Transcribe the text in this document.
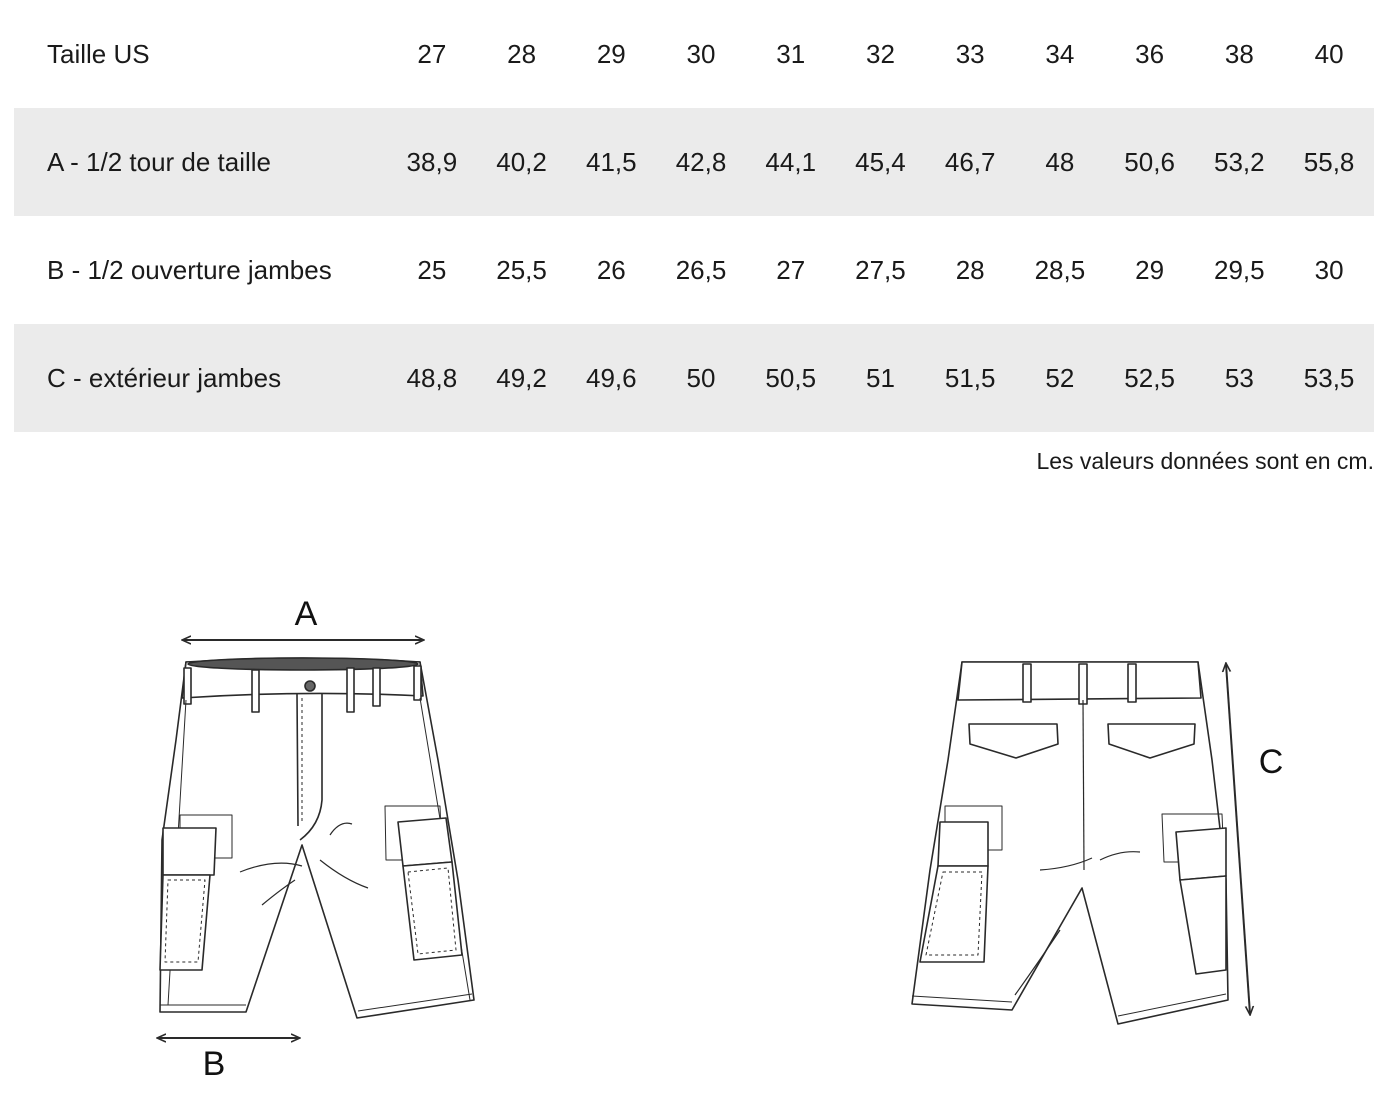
Taille US	27	28	29	30	31	32	33	34	36	38	40
A - 1/2 tour de taille	38,9	40,2	41,5	42,8	44,1	45,4	46,7	48	50,6	53,2	55,8
B - 1/2 ouverture jambes	25	25,5	26	26,5	27	27,5	28	28,5	29	29,5	30
C - extérieur jambes	48,8	49,2	49,6	50	50,5	51	51,5	52	52,5	53	53,5
Les valeurs données sont en cm.
A
B
C
